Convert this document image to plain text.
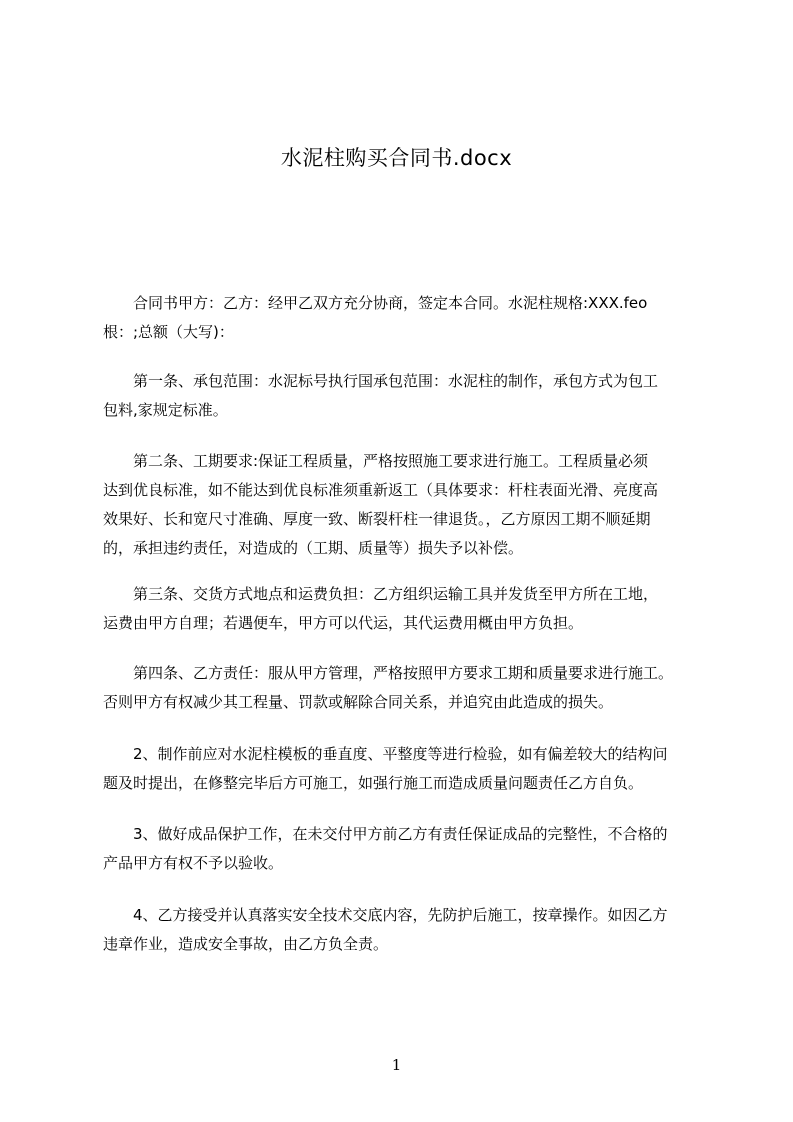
水泥柱购买合同书.docx

合同书甲方：乙方：经甲乙双方充分协商，签定本合同。水泥柱规格:XXX.feo
根：;总额（大写)：

第一条、承包范围：水泥标号执行国承包范围：水泥柱的制作，承包方式为包工
包料,家规定标准。

第二条、工期要求:保证工程质量，严格按照施工要求进行施工。工程质量必须
达到优良标准，如不能达到优良标准须重新返工（具体要求：杆柱表面光滑、亮度高
效果好、长和宽尺寸准确、厚度一致、断裂杆柱一律退货。，乙方原因工期不顺延期
的，承担违约责任，对造成的（工期、质量等）损失予以补偿。

第三条、交货方式地点和运费负担：乙方组织运输工具并发货至甲方所在工地，
运费由甲方自理；若遇便车，甲方可以代运，其代运费用概由甲方负担。

第四条、乙方责任：服从甲方管理，严格按照甲方要求工期和质量要求进行施工。
否则甲方有权减少其工程量、罚款或解除合同关系，并追究由此造成的损失。

2、制作前应对水泥柱模板的垂直度、平整度等进行检验，如有偏差较大的结构问
题及时提出，在修整完毕后方可施工，如强行施工而造成质量问题责任乙方自负。

3、做好成品保护工作，在未交付甲方前乙方有责任保证成品的完整性，不合格的
产品甲方有权不予以验收。

4、乙方接受并认真落实安全技术交底内容，先防护后施工，按章操作。如因乙方
违章作业，造成安全事故，由乙方负全责。

1
